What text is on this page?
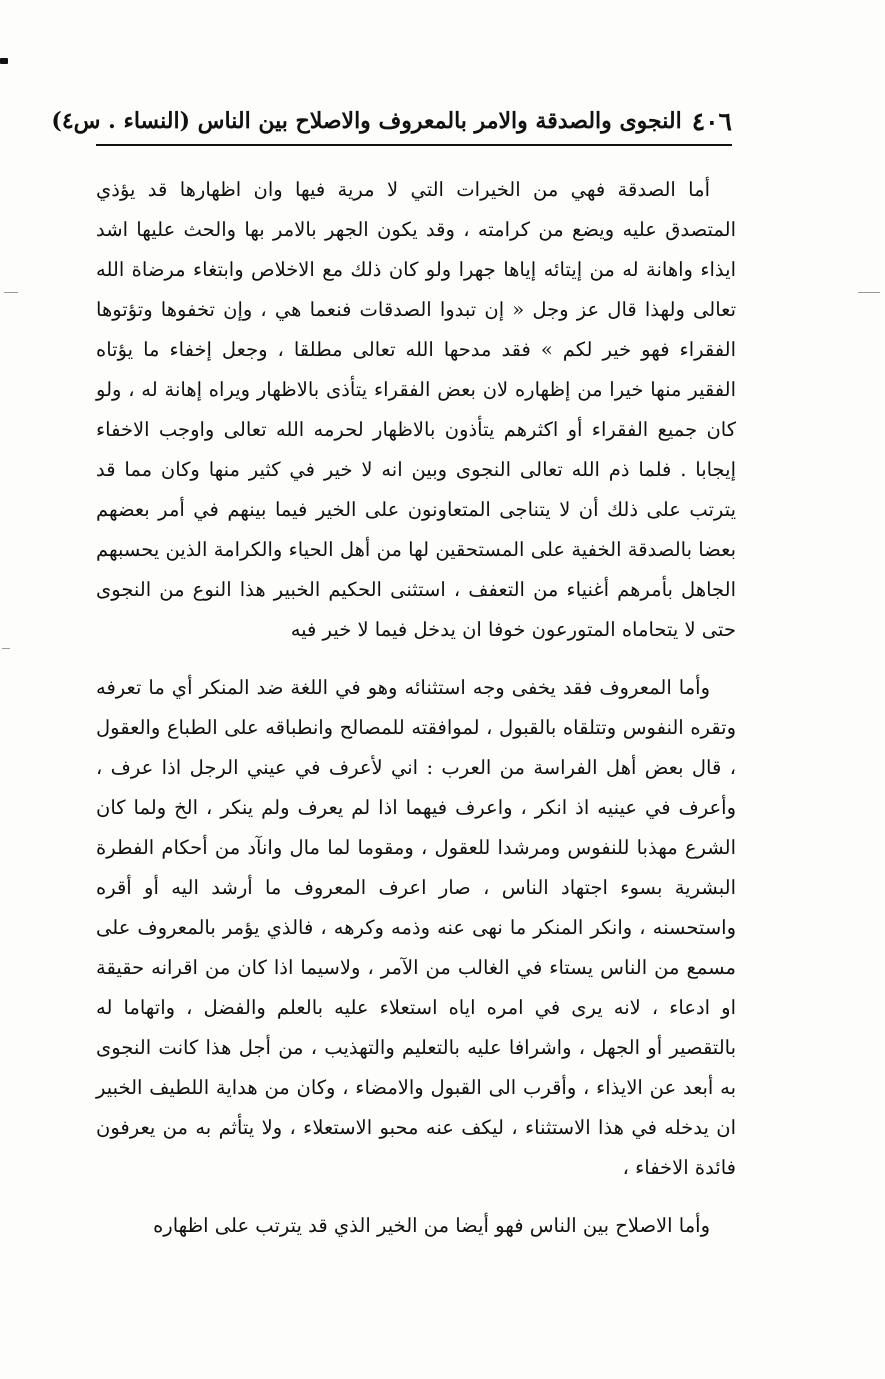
٤٠٦
النجوى والصدقة والامر بالمعروف والاصلاح بين الناس (النساء . س٤)

أما الصدقة فهي من الخيرات التي لا مرية فيها وان اظهارها قد يؤذي المتصدق عليه ويضع من كرامته ، وقد يكون الجهر بالامر بها والحث عليها اشد ايذاء واهانة له من إيتائه إياها جهرا ولو كان ذلك مع الاخلاص وابتغاء مرضاة الله تعالى ولهذا قال عز وجل « إن تبدوا الصدقات فنعما هي ، وإن تخفوها وتؤتوها الفقراء فهو خير لكم » فقد مدحها الله تعالى مطلقا ، وجعل إخفاء ما يؤتاه الفقير منها خيرا من إظهاره لان بعض الفقراء يتأذى بالاظهار ويراه إهانة له ، ولو كان جميع الفقراء أو اكثرهم يتأذون بالاظهار لحرمه الله تعالى واوجب الاخفاء إيجابا . فلما ذم الله تعالى النجوى وبين انه لا خير في كثير منها وكان مما قد يترتب على ذلك أن لا يتناجى المتعاونون على الخير فيما بينهم في أمر بعضهم بعضا بالصدقة الخفية على المستحقين لها من أهل الحياء والكرامة الذين يحسبهم الجاهل بأمرهم أغنياء من التعفف ، استثنى الحكيم الخبير هذا النوع من النجوى حتى لا يتحاماه المتورعون خوفا ان يدخل فيما لا خير فيه

وأما المعروف فقد يخفى وجه استثنائه وهو في اللغة ضد المنكر أي ما تعرفه وتقره النفوس وتتلقاه بالقبول ، لموافقته للمصالح وانطباقه على الطباع والعقول ، قال بعض أهل الفراسة من العرب : اني لأعرف في عيني الرجل اذا عرف ، وأعرف في عينيه اذ انكر ، واعرف فيهما اذا لم يعرف ولم ينكر ، الخ ولما كان الشرع مهذبا للنفوس ومرشدا للعقول ، ومقوما لما مال وانآد من أحكام الفطرة البشرية بسوء اجتهاد الناس ، صار اعرف المعروف ما أرشد اليه أو أقره واستحسنه ، وانكر المنكر ما نهى عنه وذمه وكرهه ، فالذي يؤمر بالمعروف على مسمع من الناس يستاء في الغالب من الآمر ، ولاسيما اذا كان من اقرانه حقيقة او ادعاء ، لانه يرى في امره اياه استعلاء عليه بالعلم والفضل ، واتهاما له بالتقصير أو الجهل ، واشرافا عليه بالتعليم والتهذيب ، من أجل هذا كانت النجوى به أبعد عن الايذاء ، وأقرب الى القبول والامضاء ، وكان من هداية اللطيف الخبير ان يدخله في هذا الاستثناء ، ليكف عنه محبو الاستعلاء ، ولا يتأثم به من يعرفون فائدة الاخفاء ،

وأما الاصلاح بين الناس فهو أيضا من الخير الذي قد يترتب على اظهاره
